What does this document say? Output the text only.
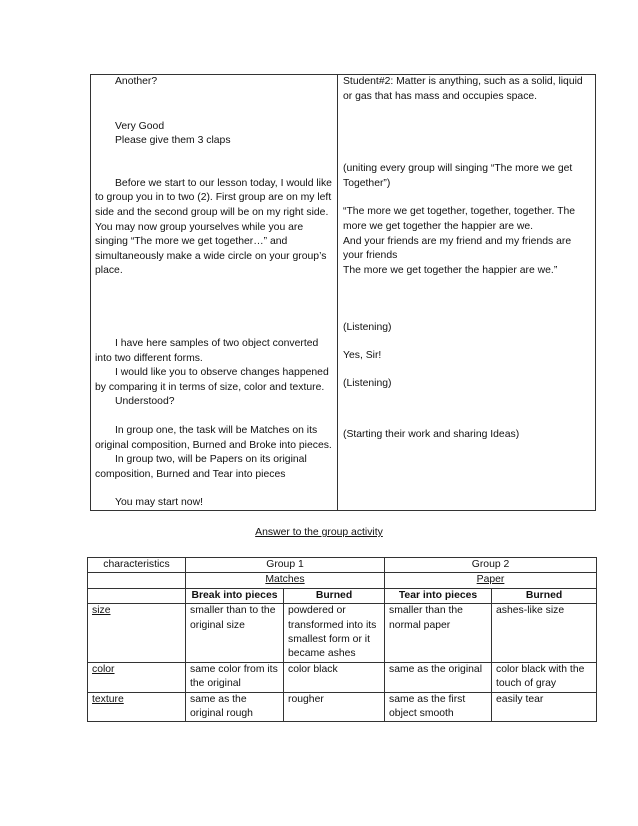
Another?

Very Good

Please give them 3 claps

Before we start to our lesson today, I would like to group you in to two (2). First group are on my left side and the second group will be on my right side. You may now group yourselves while you are singing “The more we get together…” and simultaneously make a wide circle on your group’s place.

I have here samples of two object converted into two different forms.

I would like you to observe changes happened by comparing it in terms of size, color and texture.

Understood?

In group one, the task will be Matches on its original composition, Burned and Broke into pieces.

In group two, will be Papers on its original composition, Burned and Tear into pieces

You may start now!

Student#2: Matter is anything, such as a solid, liquid or gas that has mass and occupies space.

(uniting every group will singing “The more we get Together”)

“The more we get together, together, together. The more we get together the happier are we.

And your friends are my friend and my friends are your friends

The more we get together the happier are we.”

(Listening)

Yes, Sir!

(Listening)

(Starting their work and sharing Ideas)

Answer to the group activity
characteristics	Group 1		Group 2	
	Matches		Paper	
	Break into pieces	Burned	Tear into pieces	Burned
size	smaller than to the original size	powdered or transformed into its smallest form or it became ashes	smaller than the normal paper	ashes-like size
color	same color from its the original	color black	same as the original	color black with the touch of gray
texture	same as the original rough	rougher	same as the first object smooth	easily tear
